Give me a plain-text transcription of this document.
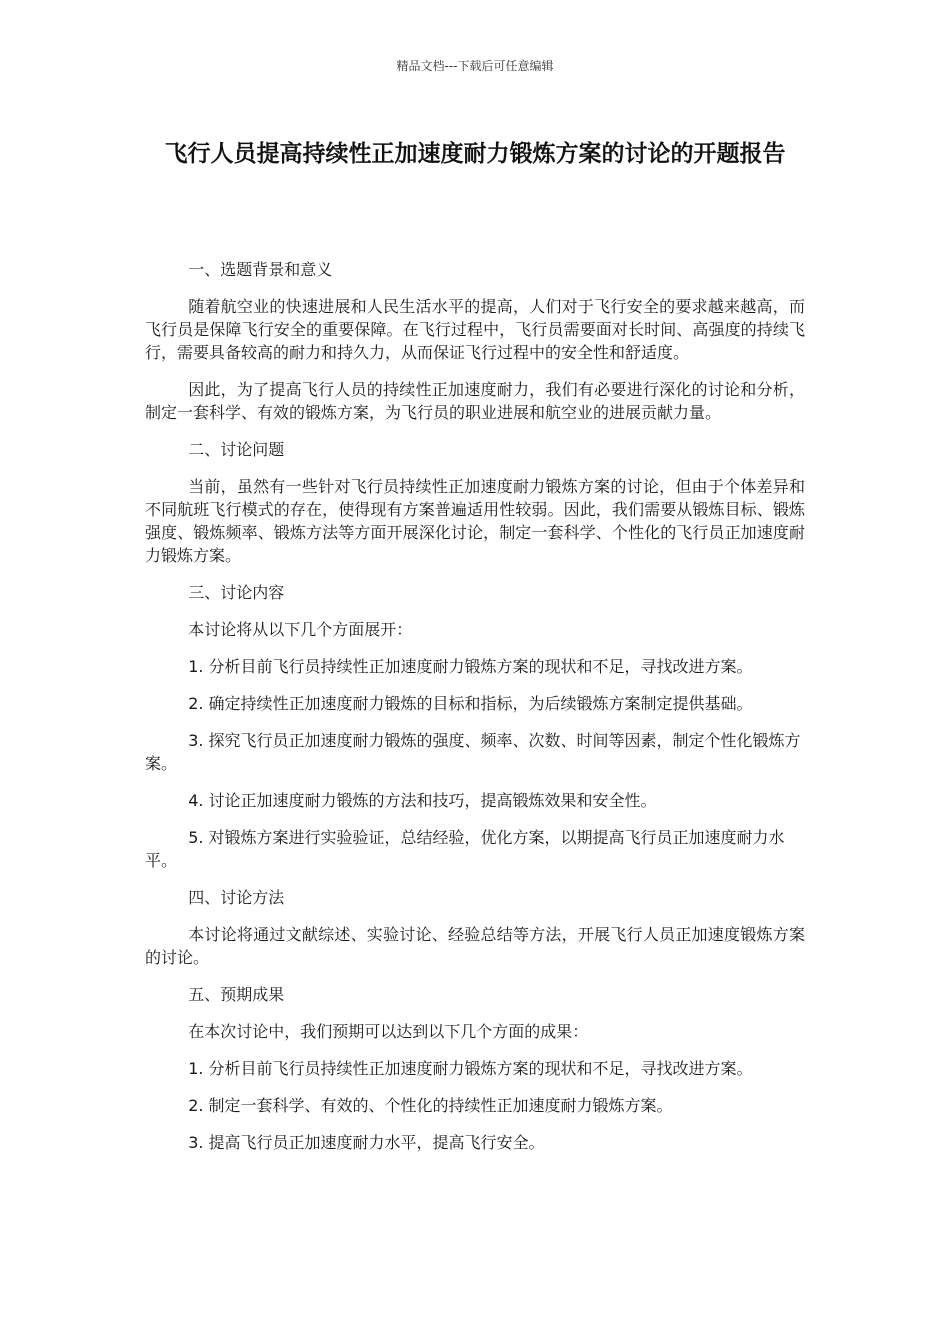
精品文档---下载后可任意编辑
飞行人员提高持续性正加速度耐力锻炼方案的讨论的开题报告

一、选题背景和意义

随着航空业的快速进展和人民生活水平的提高，人们对于飞行安全的要求越来越高，而飞行员是保障飞行安全的重要保障。在飞行过程中，飞行员需要面对长时间、高强度的持续飞行，需要具备较高的耐力和持久力，从而保证飞行过程中的安全性和舒适度。

因此，为了提高飞行人员的持续性正加速度耐力，我们有必要进行深化的讨论和分析，制定一套科学、有效的锻炼方案，为飞行员的职业进展和航空业的进展贡献力量。

二、讨论问题

当前，虽然有一些针对飞行员持续性正加速度耐力锻炼方案的讨论，但由于个体差异和不同航班飞行模式的存在，使得现有方案普遍适用性较弱。因此，我们需要从锻炼目标、锻炼强度、锻炼频率、锻炼方法等方面开展深化讨论，制定一套科学、个性化的飞行员正加速度耐力锻炼方案。

三、讨论内容

本讨论将从以下几个方面展开：

1. 分析目前飞行员持续性正加速度耐力锻炼方案的现状和不足，寻找改进方案。

2. 确定持续性正加速度耐力锻炼的目标和指标，为后续锻炼方案制定提供基础。

3. 探究飞行员正加速度耐力锻炼的强度、频率、次数、时间等因素，制定个性化锻炼方案。

4. 讨论正加速度耐力锻炼的方法和技巧，提高锻炼效果和安全性。

5. 对锻炼方案进行实验验证，总结经验，优化方案，以期提高飞行员正加速度耐力水平。

四、讨论方法

本讨论将通过文献综述、实验讨论、经验总结等方法，开展飞行人员正加速度锻炼方案的讨论。

五、预期成果

在本次讨论中，我们预期可以达到以下几个方面的成果：

1. 分析目前飞行员持续性正加速度耐力锻炼方案的现状和不足，寻找改进方案。

2. 制定一套科学、有效的、个性化的持续性正加速度耐力锻炼方案。

3. 提高飞行员正加速度耐力水平，提高飞行安全。
